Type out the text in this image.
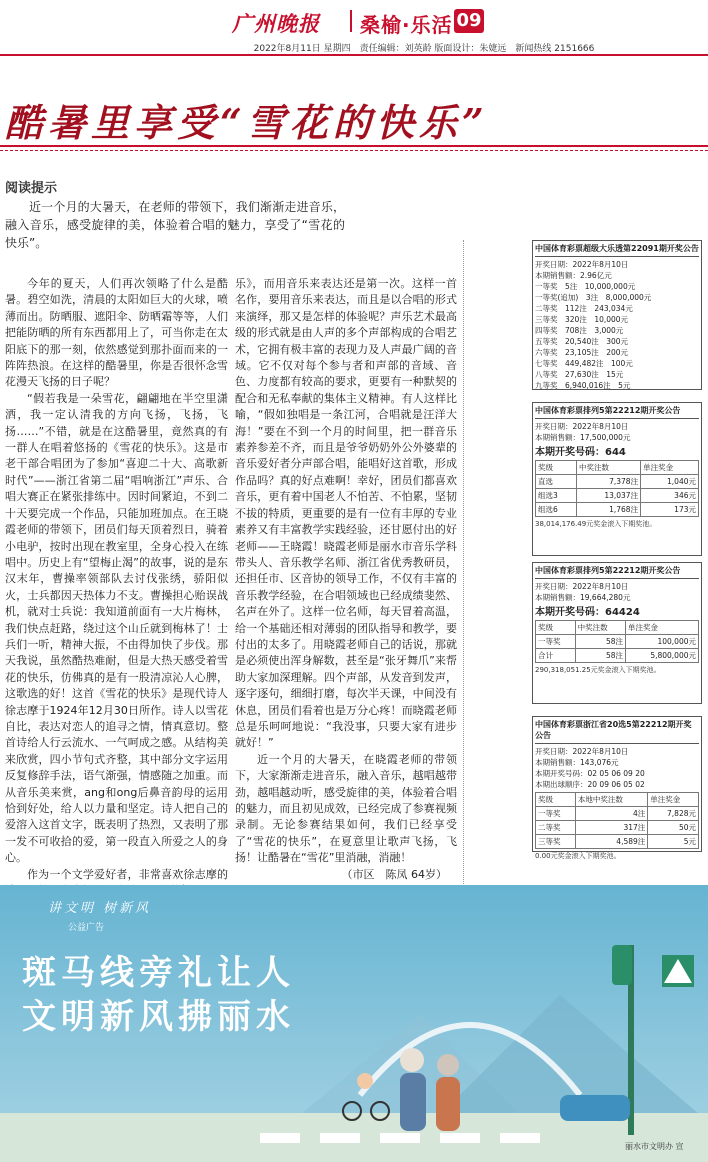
广州晚报 桑榆·乐活 09
2022年8月11日 星期四　责任编辑：刘英龄 版面设计：朱婕远　新闻热线 2151666
酷暑里享受“雪花的快乐”
阅读提示
近一个月的大暑天，在老师的带领下，我们渐渐走进音乐，融入音乐，感受旋律的美，体验着合唱的魅力，享受了“雪花的快乐”。

今年的夏天，人们再次领略了什么是酷暑。碧空如洗，清晨的太阳如巨大的火球，喷薄而出。防晒服、遮阳伞、防晒霜等等，人们把能防晒的所有东西都用上了，可当你走在太阳底下的那一刻，依然感觉到那扑面而来的一阵阵热浪。在这样的酷暑里，你是否很怀念雪花漫天飞扬的日子呢？

“假若我是一朵雪花，翩翩地在半空里潇洒，我一定认清我的方向飞扬，飞扬，飞扬……”不错，就是在这酷暑里，竟然真的有一群人在唱着悠扬的《雪花的快乐》。这是市老干部合唱团为了参加“喜迎二十大、高歌新时代”——浙江省第二届“唱响浙江”声乐、合唱大赛正在紧张排练中。因时间紧迫，不到二十天要完成一个作品，只能加班加点。在王晓霞老师的带领下，团员们每天顶着烈日，骑着小电驴，按时出现在教室里，全身心投入在练唱中。历史上有“望梅止渴”的故事，说的是东汉末年，曹操率领部队去讨伐张绣，骄阳似火，士兵都因天热体力不支。曹操担心贻误战机，就对士兵说：我知道前面有一大片梅林，我们快点赶路，绕过这个山丘就到梅林了！士兵们一听，精神大振，不由得加快了步伐。那天我说，虽然酷热难耐，但是大热天感受着雪花的快乐，仿佛真的是有一股清凉沁人心脾，这歌选的好！这首《雪花的快乐》是现代诗人徐志摩于1924年12月30日所作。诗人以雪花自比，表达对恋人的追寻之情，情真意切。整首诗给人行云流水、一气呵成之感。从结构美来欣赏，四小节句式齐整，其中部分文字运用反复修辞手法，语气渐强，情感随之加重。而从音乐美来赏，ang和ong后鼻音韵母的运用恰到好处，给人以力量和坚定。诗人把自己的爱溶入这首文字，既表明了热烈，又表明了那一发不可收拾的爱，第一段直入所爱之人的身心。

作为一个文学爱好者，非常喜欢徐志摩的

乐》，而用音乐来表达还是第一次。这样一首名作，要用音乐来表达，而且是以合唱的形式来演绎，那又是怎样的体验呢？声乐艺术最高级的形式就是由人声的多个声部构成的合唱艺术，它拥有极丰富的表现力及人声最广阔的音域。它不仅对每个参与者和声部的音域、音色、力度都有较高的要求，更要有一种默契的配合和无私奉献的集体主义精神。有人这样比喻，“假如独唱是一条江河，合唱就是汪洋大海！”要在不到一个月的时间里，把一群音乐素养参差不齐，而且是爷爷奶奶外公外婆辈的音乐爱好者分声部合唱，能唱好这首歌，形成作品吗？真的好点难啊！幸好，团员们都喜欢音乐，更有着中国老人不怕苦、不怕累，坚韧不拔的特质，更重要的是有一位有丰厚的专业素养又有丰富教学实践经验，还甘愿付出的好老师——王晓霞！晓霞老师是丽水市音乐学科带头人、音乐教学名师、浙江省优秀教研员，还担任市、区音协的领导工作，不仅有丰富的音乐教学经验，在合唱领域也已经成绩斐然、名声在外了。这样一位名师，每天冒着高温，给一个基础还相对薄弱的团队指导和教学，要付出的太多了。用晓霞老师自己的话说，那就是必须使出浑身解数，甚至是“张牙舞爪”来帮助大家加深理解。四个声部，从发音到发声，逐字逐句，细细打磨，每次半天课，中间没有休息，团员们看着也是万分心疼！而晓霞老师总是乐呵呵地说：“我没事，只要大家有进步就好！”

近一个月的大暑天，在晓霞老师的带领下，大家渐渐走进音乐，融入音乐，越唱越带劲，越唱越动听，感受旋律的美，体验着合唱的魅力，而且初见成效，已经完成了参赛视频录制。无论参赛结果如何，我们已经享受了“雪花的快乐”，在夏意里让歌声飞扬，飞扬！让酷暑在“雪花”里消融，消融！

（市区　陈凤 64岁）

中国体育彩票超级大乐透第22091期开奖公告
开奖日期：2022年8月10日
本期销售额：2.96亿元
一等奖　5注　10,000,000元
一等奖(追加)　3注　8,000,000元
二等奖　112注　243,034元
三等奖　320注　10,000元
四等奖　708注　3,000元
五等奖　20,540注　300元
六等奖　23,105注　200元
七等奖　449,482注　100元
八等奖　27,630注　15元
九等奖　6,940,016注　5元
中国体育彩票排列5第22212期开奖公告
开奖日期：2022年8月10日
本期销售额：17,500,000元
本期开奖号码：644
奖级	中奖注数	单注奖金
直选	7,378注	1,040元
组选3	13,037注	346元
组选6	1,768注	173元
38,014,176.49元奖金滚入下期奖池。
中国体育彩票排列5第22212期开奖公告
开奖日期：2022年8月10日
本期销售额：19,664,280元
本期开奖号码：64424
奖级	中奖注数	单注奖金
一等奖	58注	100,000元
合计	58注	5,800,000元
290,318,051.25元奖金滚入下期奖池。
中国体育彩票浙江省20选5第22212期开奖公告
开奖日期：2022年8月10日
本期销售额：143,076元
本期开奖号码：02 05 06 09 20
本期出球顺序：20 09 06 05 02
奖级	本地中奖注数	单注奖金
一等奖	4注	7,828元
二等奖	317注	50元
三等奖	4,589注	5元
0.00元奖金滚入下期奖池。
讲文明 树新风
公益广告
斑马线旁礼让人
文明新风拂丽水
丽水市文明办 宣
